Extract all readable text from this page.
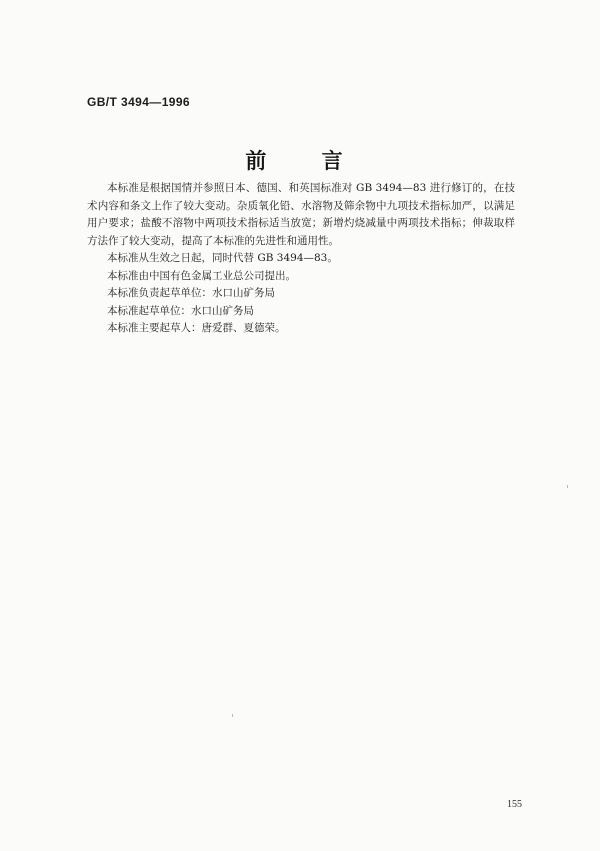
GB/T 3494—1996
前 言

本标准是根据国情并参照日本、德国、和英国标准对 GB 3494—83 进行修订的，在技术内容和条文上作了较大变动。杂质氧化铅、水溶物及筛余物中九项技术指标加严，以满足用户要求；盐酸不溶物中两项技术指标适当放宽；新增灼烧减量中两项技术指标；伸裁取样方法作了较大变动，提高了本标准的先进性和通用性。

本标准从生效之日起，同时代替 GB 3494—83。

本标准由中国有色金属工业总公司提出。

本标准负责起草单位：水口山矿务局

本标准起草单位：水口山矿务局

本标准主要起草人：唐爱群、夏德荣。

155
